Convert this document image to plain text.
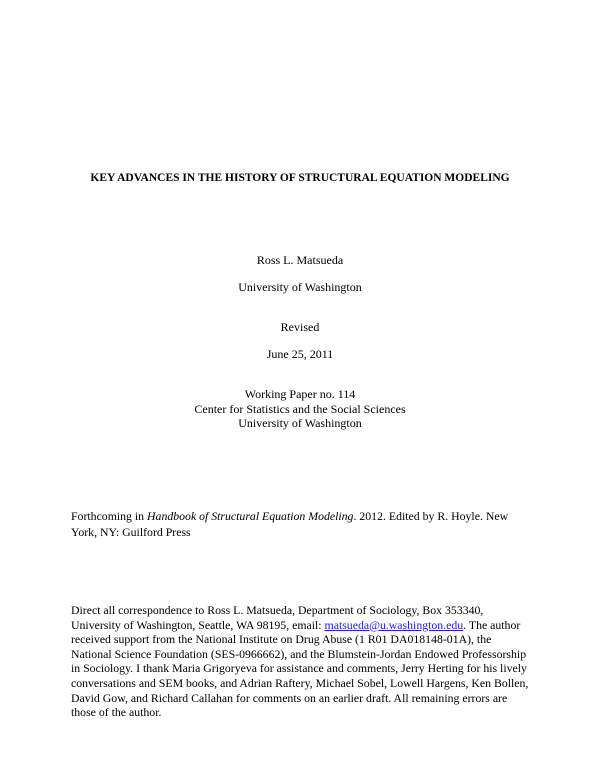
KEY ADVANCES IN THE HISTORY OF STRUCTURAL EQUATION MODELING
Ross L. Matsueda
University of Washington
Revised
June 25, 2011
Working Paper no. 114
Center for Statistics and the Social Sciences
University of Washington
Forthcoming in Handbook of Structural Equation Modeling. 2012. Edited by R. Hoyle. New
York, NY: Guilford Press
Direct all correspondence to Ross L. Matsueda, Department of Sociology, Box 353340,
University of Washington, Seattle, WA 98195, email: matsueda@u.washington.edu. The author
received support from the National Institute on Drug Abuse (1 R01 DA018148-01A), the
National Science Foundation (SES-0966662), and the Blumstein-Jordan Endowed Professorship
in Sociology. I thank Maria Grigoryeva for assistance and comments, Jerry Herting for his lively
conversations and SEM books, and Adrian Raftery, Michael Sobel, Lowell Hargens, Ken Bollen,
David Gow, and Richard Callahan for comments on an earlier draft. All remaining errors are
those of the author.
